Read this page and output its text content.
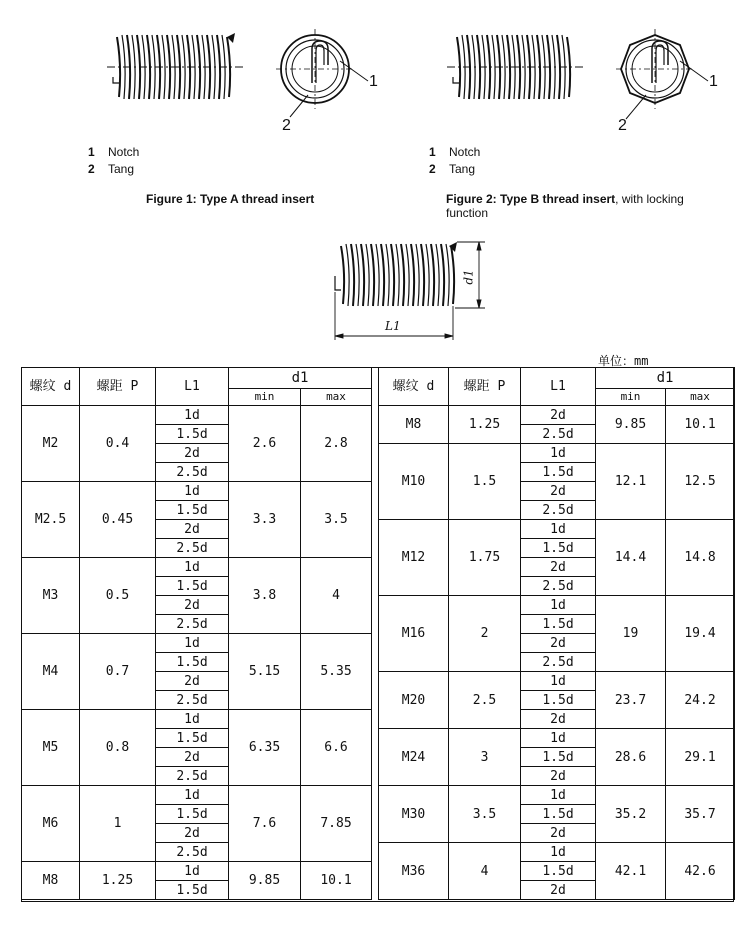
1
2
1
2
1 Notch
2 Tang
1 Notch
2 Tang
Figure 1: Type A thread insert	Figure 2: Type B thread insert, with locking function
d1
L1
单位：mm
螺纹 d	螺距 P	L1	d1	
			min	max
M2	0.4	1d	2.6	2.8
		1.5d		
		2d		
		2.5d		
M2.5	0.45	1d	3.3	3.5
		1.5d		
		2d		
		2.5d		
M3	0.5	1d	3.8	4
		1.5d		
		2d		
		2.5d		
M4	0.7	1d	5.15	5.35
		1.5d		
		2d		
		2.5d		
M5	0.8	1d	6.35	6.6
		1.5d		
		2d		
		2.5d		
M6	1	1d	7.6	7.85
		1.5d		
		2d		
		2.5d		
M8	1.25	1d	9.85	10.1
		1.5d		
螺纹 d	螺距 P	L1	d1	
			min	max
M8	1.25	2d	9.85	10.1
		2.5d		
M10	1.5	1d	12.1	12.5
		1.5d		
		2d		
		2.5d		
M12	1.75	1d	14.4	14.8
		1.5d		
		2d		
		2.5d		
M16	2	1d	19	19.4
		1.5d		
		2d		
		2.5d		
M20	2.5	1d	23.7	24.2
		1.5d		
		2d		
M24	3	1d	28.6	29.1
		1.5d		
		2d		
M30	3.5	1d	35.2	35.7
		1.5d		
		2d		
M36	4	1d	42.1	42.6
		1.5d		
		2d		
